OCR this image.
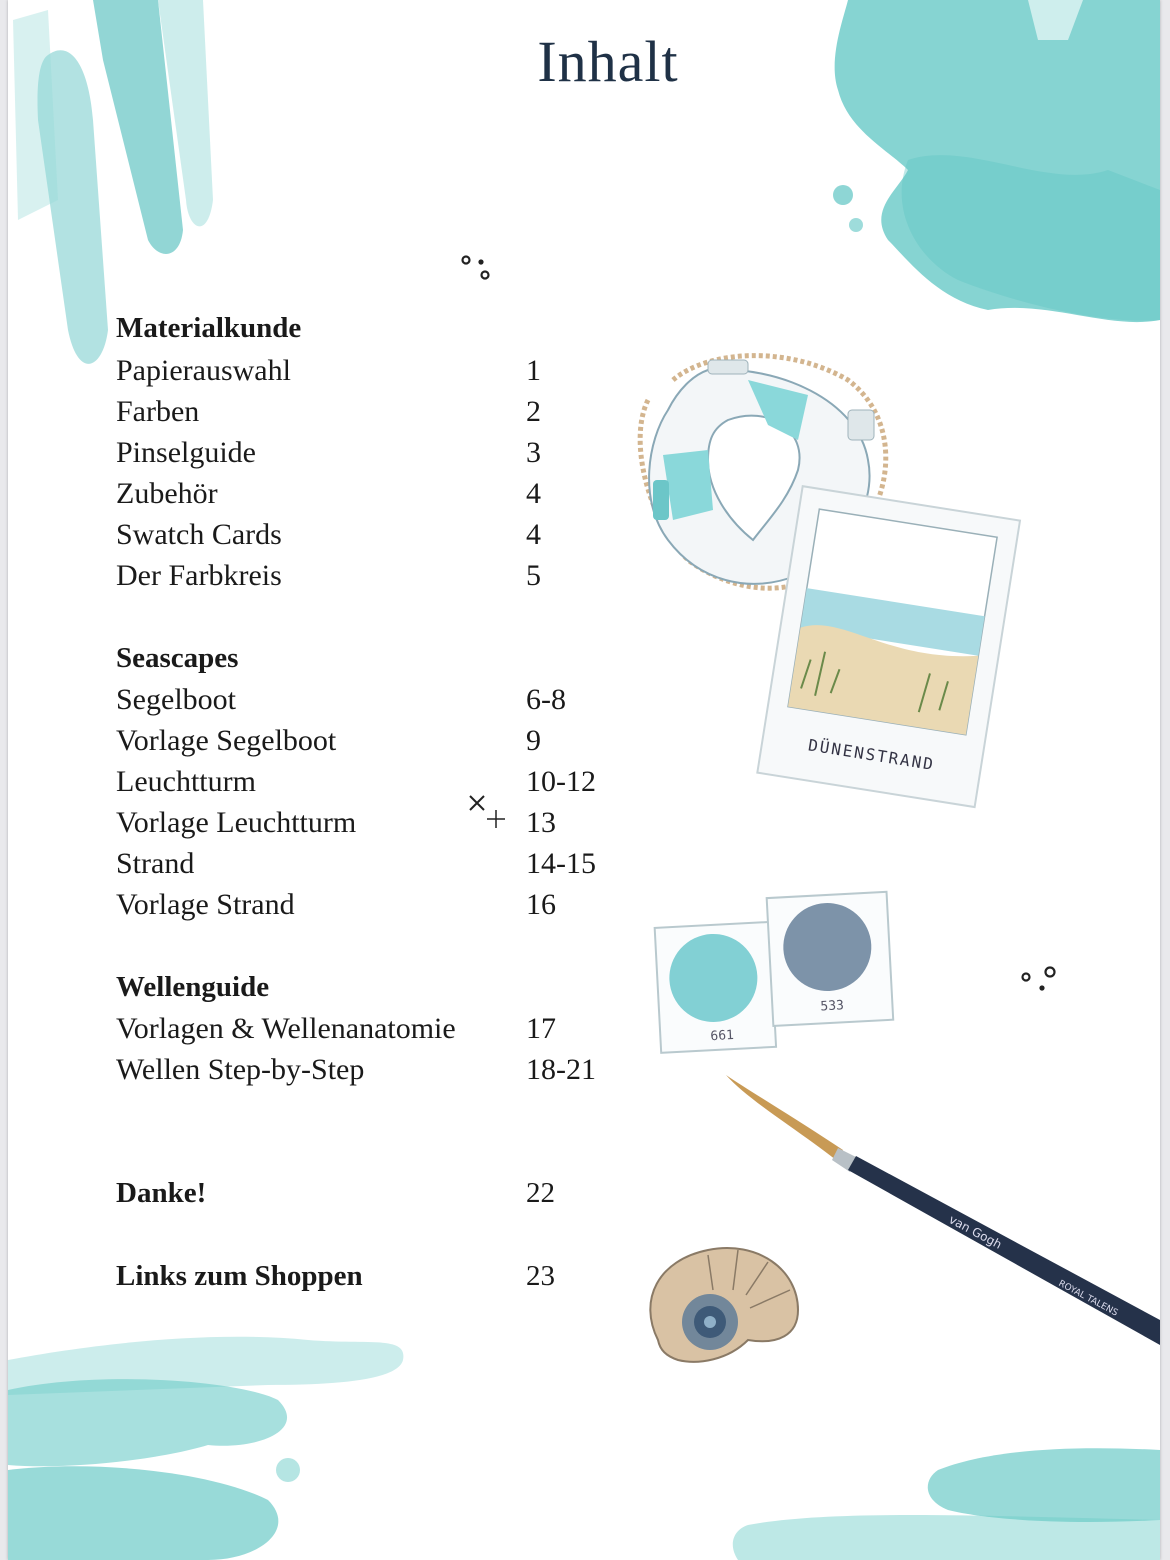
DÜNENSTRAND
661
533
van Gogh
ROYAL TALENS
Inhalt
Materialkunde
Papierauswahl	1
Farben	2
Pinselguide	3
Zubehör	4
Swatch Cards	4
Der Farbkreis	5
Seascapes
Segelboot	6-8
Vorlage Segelboot	9
Leuchtturm	10-12
Vorlage Leuchtturm	13
Strand	14-15
Vorlage Strand	16
Wellenguide
Vorlagen & Wellenanatomie 17
Wellen Step-by-Step	18-21
Danke!	22
Links zum Shoppen	23
